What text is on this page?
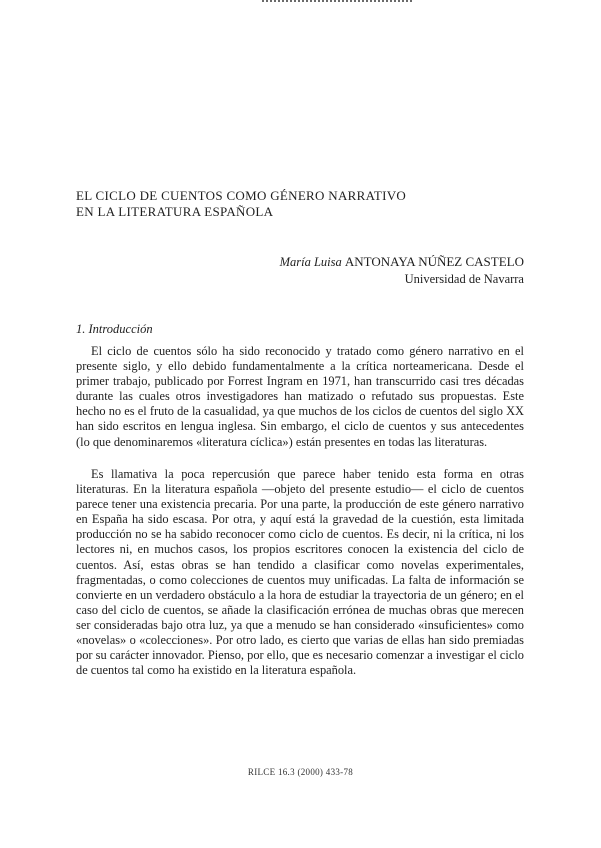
EL CICLO DE CUENTOS COMO GÉNERO NARRATIVO
EN LA LITERATURA ESPAÑOLA
María Luisa ANTONAYA NÚÑEZ CASTELO
Universidad de Navarra
1. Introducción

El ciclo de cuentos sólo ha sido reconocido y tratado como género narrativo en el presente siglo, y ello debido fundamentalmente a la crítica norteamericana. Desde el primer trabajo, publicado por Forrest Ingram en 1971, han transcurrido casi tres décadas durante las cuales otros investigadores han matizado o refutado sus propuestas. Este hecho no es el fruto de la casualidad, ya que muchos de los ciclos de cuentos del siglo XX han sido escritos en lengua inglesa. Sin embargo, el ciclo de cuentos y sus antecedentes (lo que denominaremos «literatura cíclica») están presentes en todas las literaturas.

Es llamativa la poca repercusión que parece haber tenido esta forma en otras literaturas. En la literatura española —objeto del presente estudio— el ciclo de cuentos parece tener una existencia precaria. Por una parte, la producción de este género narrativo en España ha sido escasa. Por otra, y aquí está la gravedad de la cuestión, esta limitada producción no se ha sabido reconocer como ciclo de cuentos. Es decir, ni la crítica, ni los lectores ni, en muchos casos, los propios escritores conocen la existencia del ciclo de cuentos. Así, estas obras se han tendido a clasificar como novelas experimentales, fragmentadas, o como colecciones de cuentos muy unificadas. La falta de información se convierte en un verdadero obstáculo a la hora de estudiar la trayectoria de un género; en el caso del ciclo de cuentos, se añade la clasificación errónea de muchas obras que merecen ser consideradas bajo otra luz, ya que a menudo se han considerado «insuficientes» como «novelas» o «colecciones». Por otro lado, es cierto que varias de ellas han sido premiadas por su carácter innovador. Pienso, por ello, que es necesario comenzar a investigar el ciclo de cuentos tal como ha existido en la literatura española.

RILCE 16.3 (2000) 433-78
